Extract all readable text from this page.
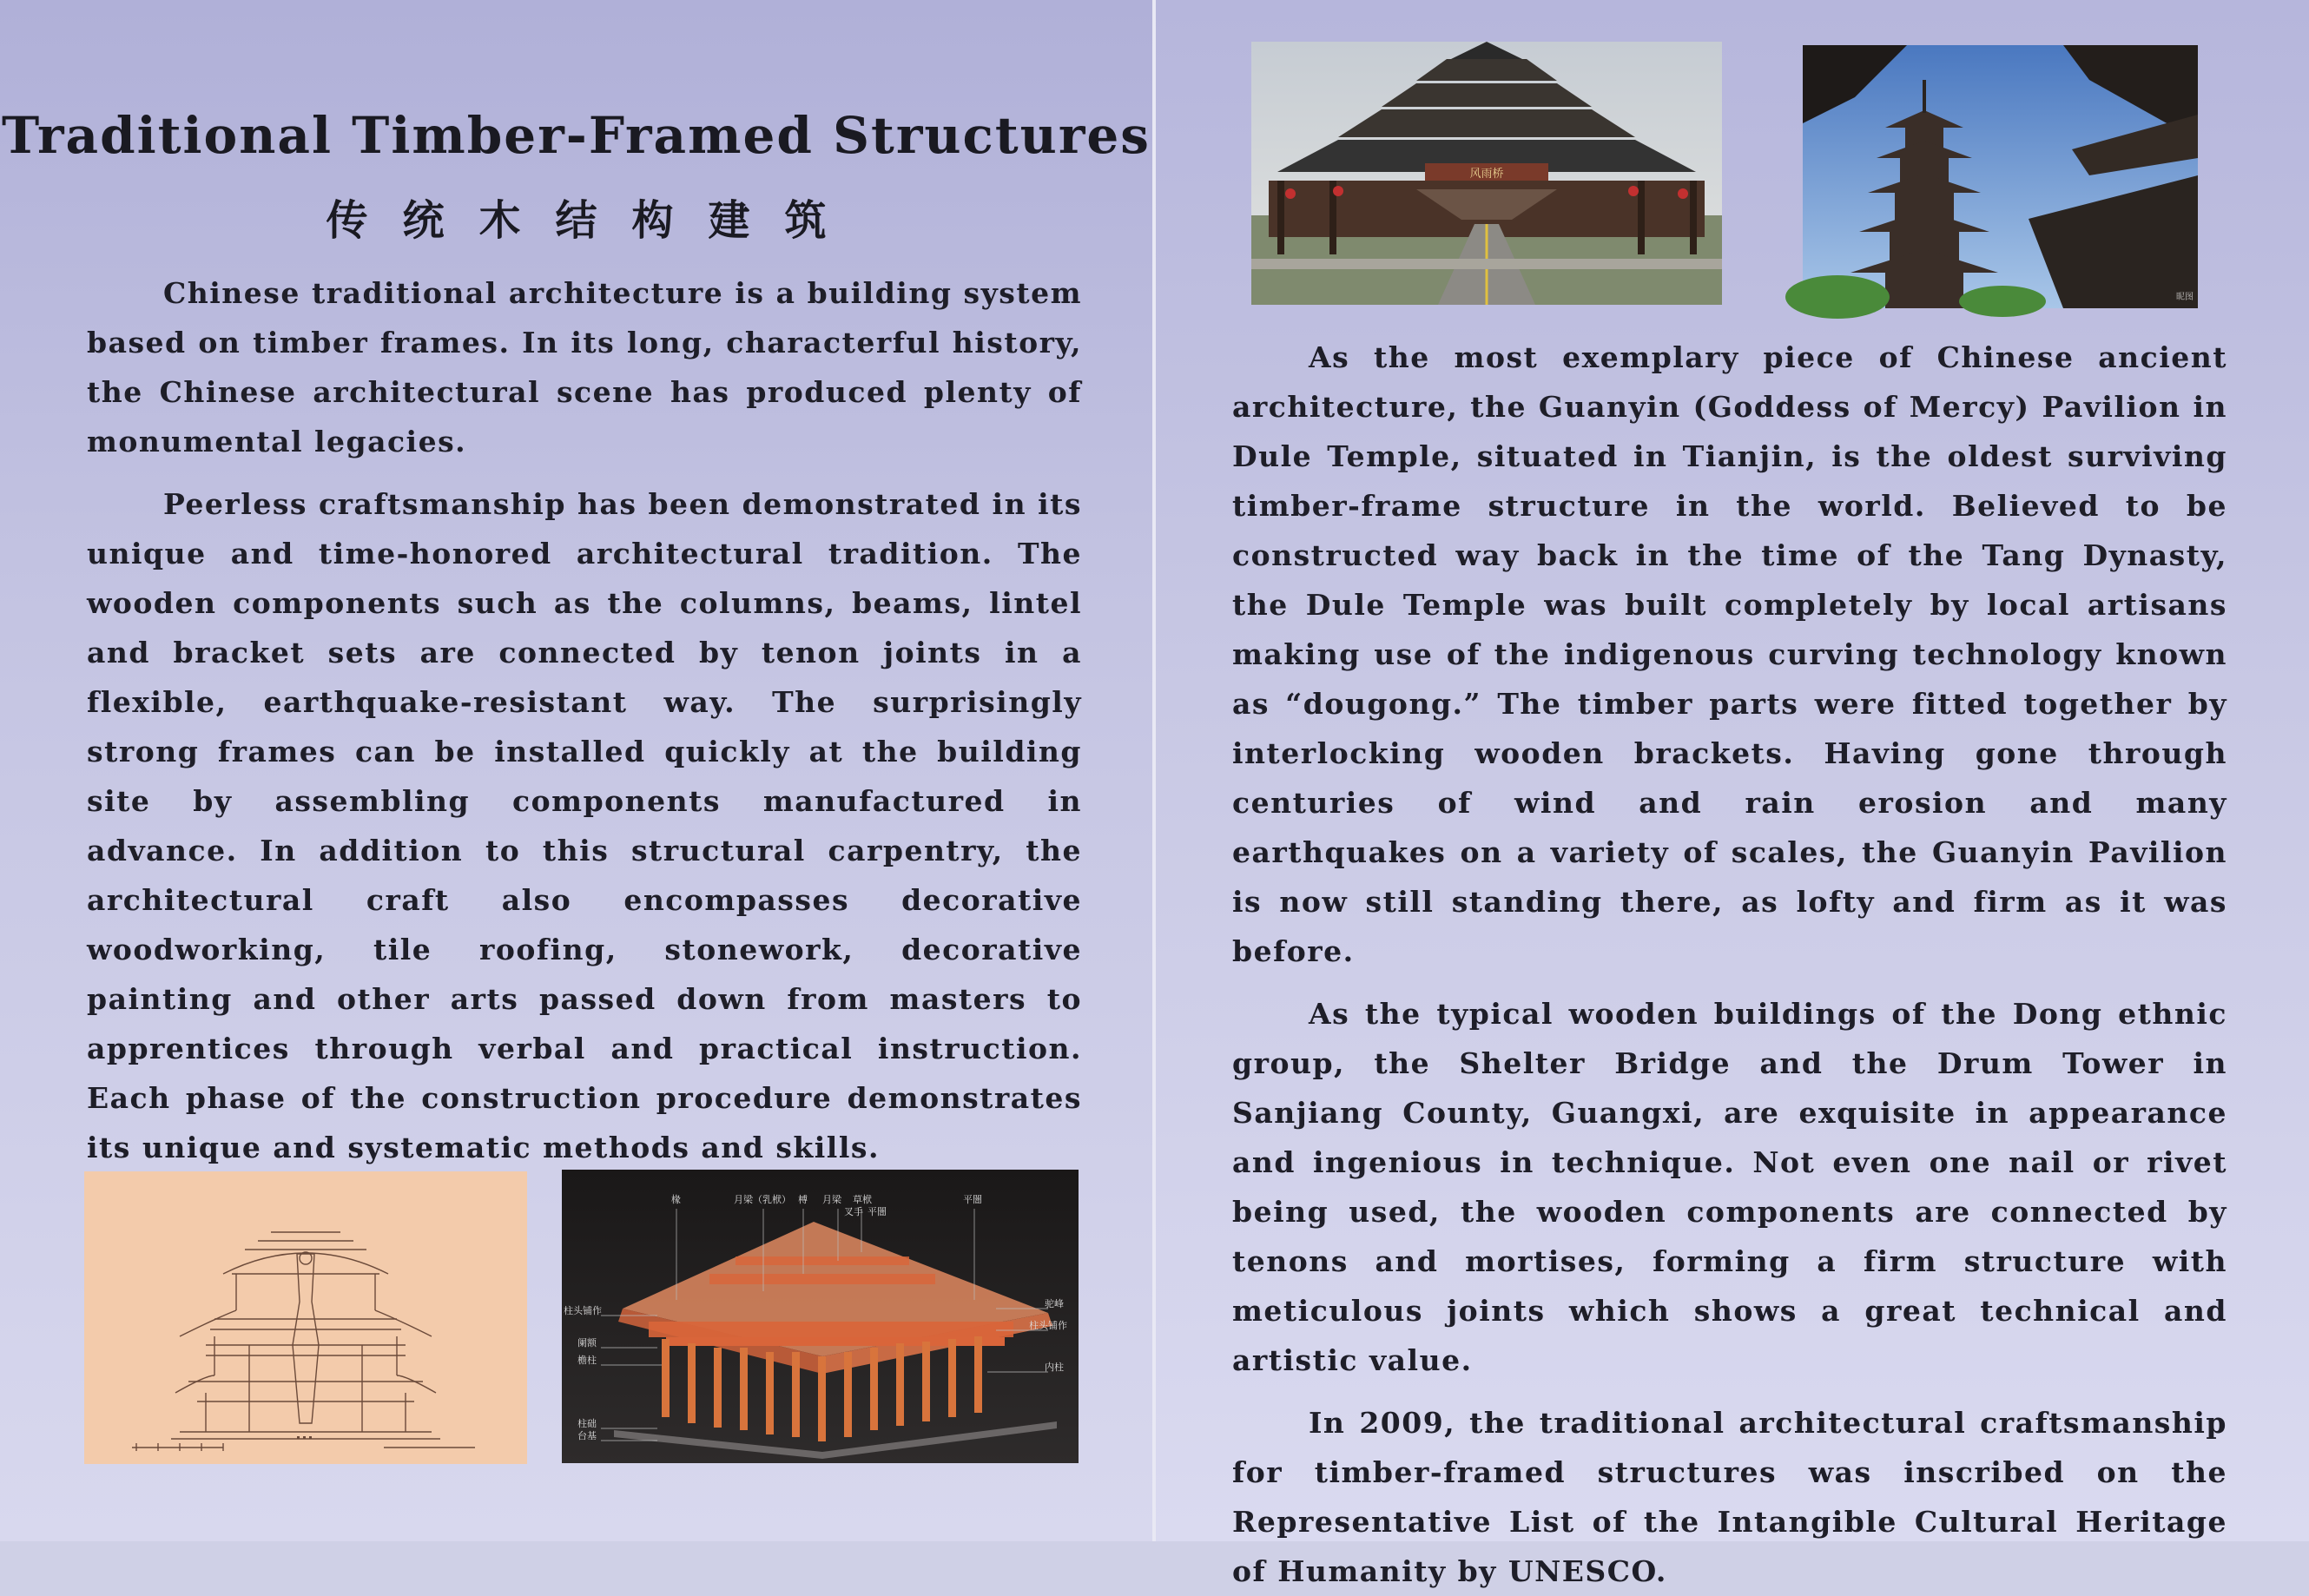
Traditional Timber-Framed Structures
传统木结构建筑

Chinese traditional architecture is a building system based on timber frames. In its long, characterful history, the Chinese architectural scene has produced plenty of monumental legacies.

Peerless craftsmanship has been demonstrated in its unique and time-honored architectural tradition. The wooden components such as the columns, beams, lintel and bracket sets are connected by tenon joints in a flexible, earthquake-resistant way. The surprisingly strong frames can be installed quickly at the building site by assembling components manufactured in advance. In addition to this structural carpentry, the architectural craft also encompasses decorative woodworking, tile roofing, stonework, decorative painting and other arts passed down from masters to apprentices through verbal and practical instruction. Each phase of the construction procedure demonstrates its unique and systematic methods and skills.

椽	月梁（乳栿） 榑 月梁 草栿
叉手 平闇
平闇
柱头铺作
阑额
檐柱
柱础
台基
驼峰
柱头铺作
内柱
风雨桥
昵图

As the most exemplary piece of Chinese ancient architecture, the Guanyin (Goddess of Mercy) Pavilion in Dule Temple, situated in Tianjin, is the oldest surviving timber-frame structure in the world. Believed to be constructed way back in the time of the Tang Dynasty, the Dule Temple was built completely by local artisans making use of the indigenous curving technology known as “dougong.” The timber parts were fitted together by interlocking wooden brackets. Having gone through centuries of wind and rain erosion and many earthquakes on a variety of scales, the Guanyin Pavilion is now still standing there, as lofty and firm as it was before.

As the typical wooden buildings of the Dong ethnic group, the Shelter Bridge and the Drum Tower in Sanjiang County, Guangxi, are exquisite in appearance and ingenious in technique. Not even one nail or rivet being used, the wooden components are connected by tenons and mortises, forming a firm structure with meticulous joints which shows a great technical and artistic value.

In 2009, the traditional architectural craftsmanship for timber-framed structures was inscribed on the Representative List of the Intangible Cultural Heritage of Humanity by UNESCO.
